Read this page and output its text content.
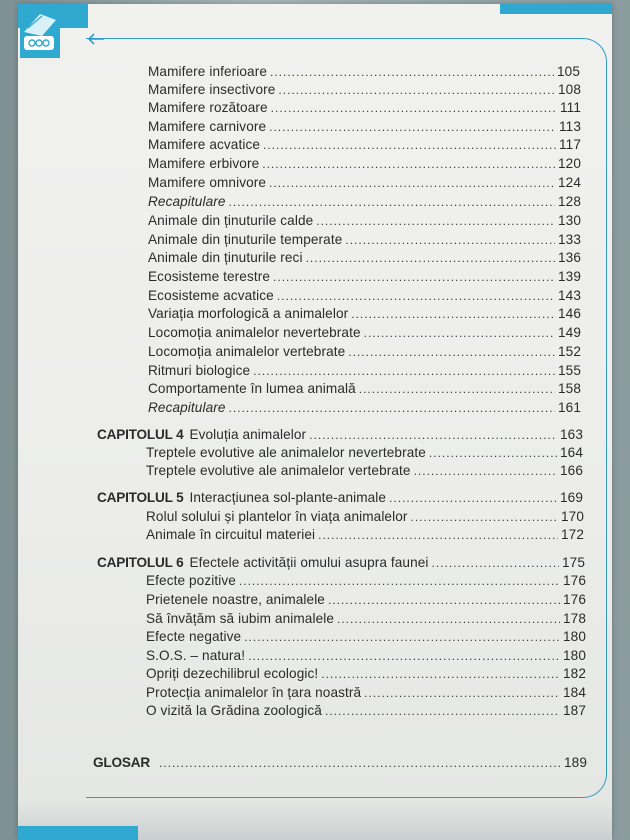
Mamifere inferioare .....	105
Mamifere insectivore .....	108
Mamifere rozătoare .....	111
Mamifere carnivore .....	113
Mamifere acvatice .....	117
Mamifere erbivore .....	120
Mamifere omnivore .....	124
Recapitulare .....	128
Animale din ținuturile calde .....	130
Animale din ținuturile temperate .....	133
Animale din ținuturile reci .....	136
Ecosisteme terestre .....	139
Ecosisteme acvatice .....	143
Variația morfologică a animalelor .....	146
Locomoția animalelor nevertebrate .....	149
Locomoția animalelor vertebrate .....	152
Ritmuri biologice .....	155
Comportamente în lumea animală .....	158
Recapitulare .....	161
CAPITOLUL 4 Evoluția animalelor .....	163
Treptele evolutive ale animalelor nevertebrate .....	164
Treptele evolutive ale animalelor vertebrate .....	166
CAPITOLUL 5 Interacțiunea sol-plante-animale .....	169
Rolul solului și plantelor în viața animalelor .....	170
Animale în circuitul materiei .....	172
CAPITOLUL 6 Efectele activității omului asupra faunei .....	175
Efecte pozitive .....	176
Prietenele noastre, animalele .....	176
Să învățăm să iubim animalele .....	178
Efecte negative .....	180
S.O.S. – natura! .....	180
Opriți dezechilibrul ecologic! .....	182
Protecția animalelor în țara noastră .....	184
O vizită la Grădina zoologică .....	187
GLOSAR .....	189
